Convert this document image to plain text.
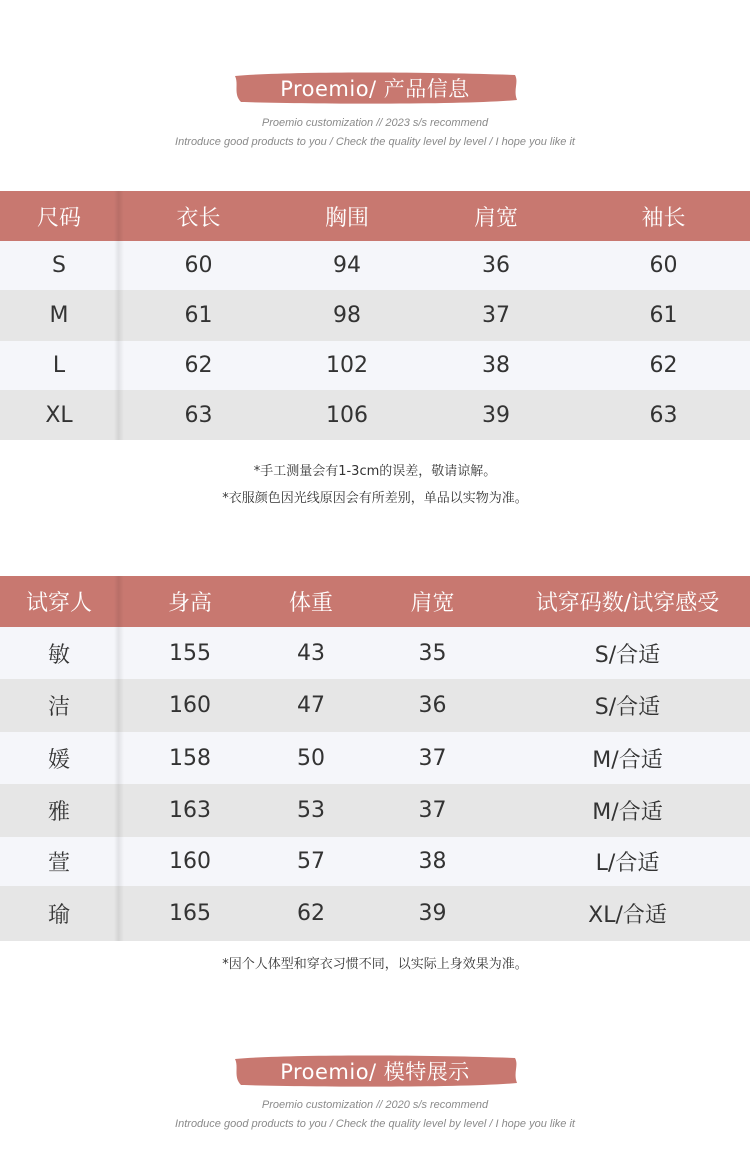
Proemio/ 产品信息
Proemio customization // 2023 s/s recommend
Introduce good products to you / Check the quality level by level / I hope you like it
尺码	衣长	胸围	肩宽	袖长
S	60	94	36	60
M	61	98	37	61
L	62	102	38	62
XL	63	106	39	63
*手工测量会有1-3cm的误差，敬请谅解。
*衣服颜色因光线原因会有所差别，单品以实物为准。
试穿人	身高	体重	肩宽	试穿码数/试穿感受
敏	155	43	35	S/合适
洁	160	47	36	S/合适
媛	158	50	37	M/合适
雅	163	53	37	M/合适
萱	160	57	38	L/合适
瑜	165	62	39	XL/合适
*因个人体型和穿衣习惯不同，以实际上身效果为准。
Proemio/ 模特展示
Proemio customization // 2020 s/s recommend
Introduce good products to you / Check the quality level by level / I hope you like it
